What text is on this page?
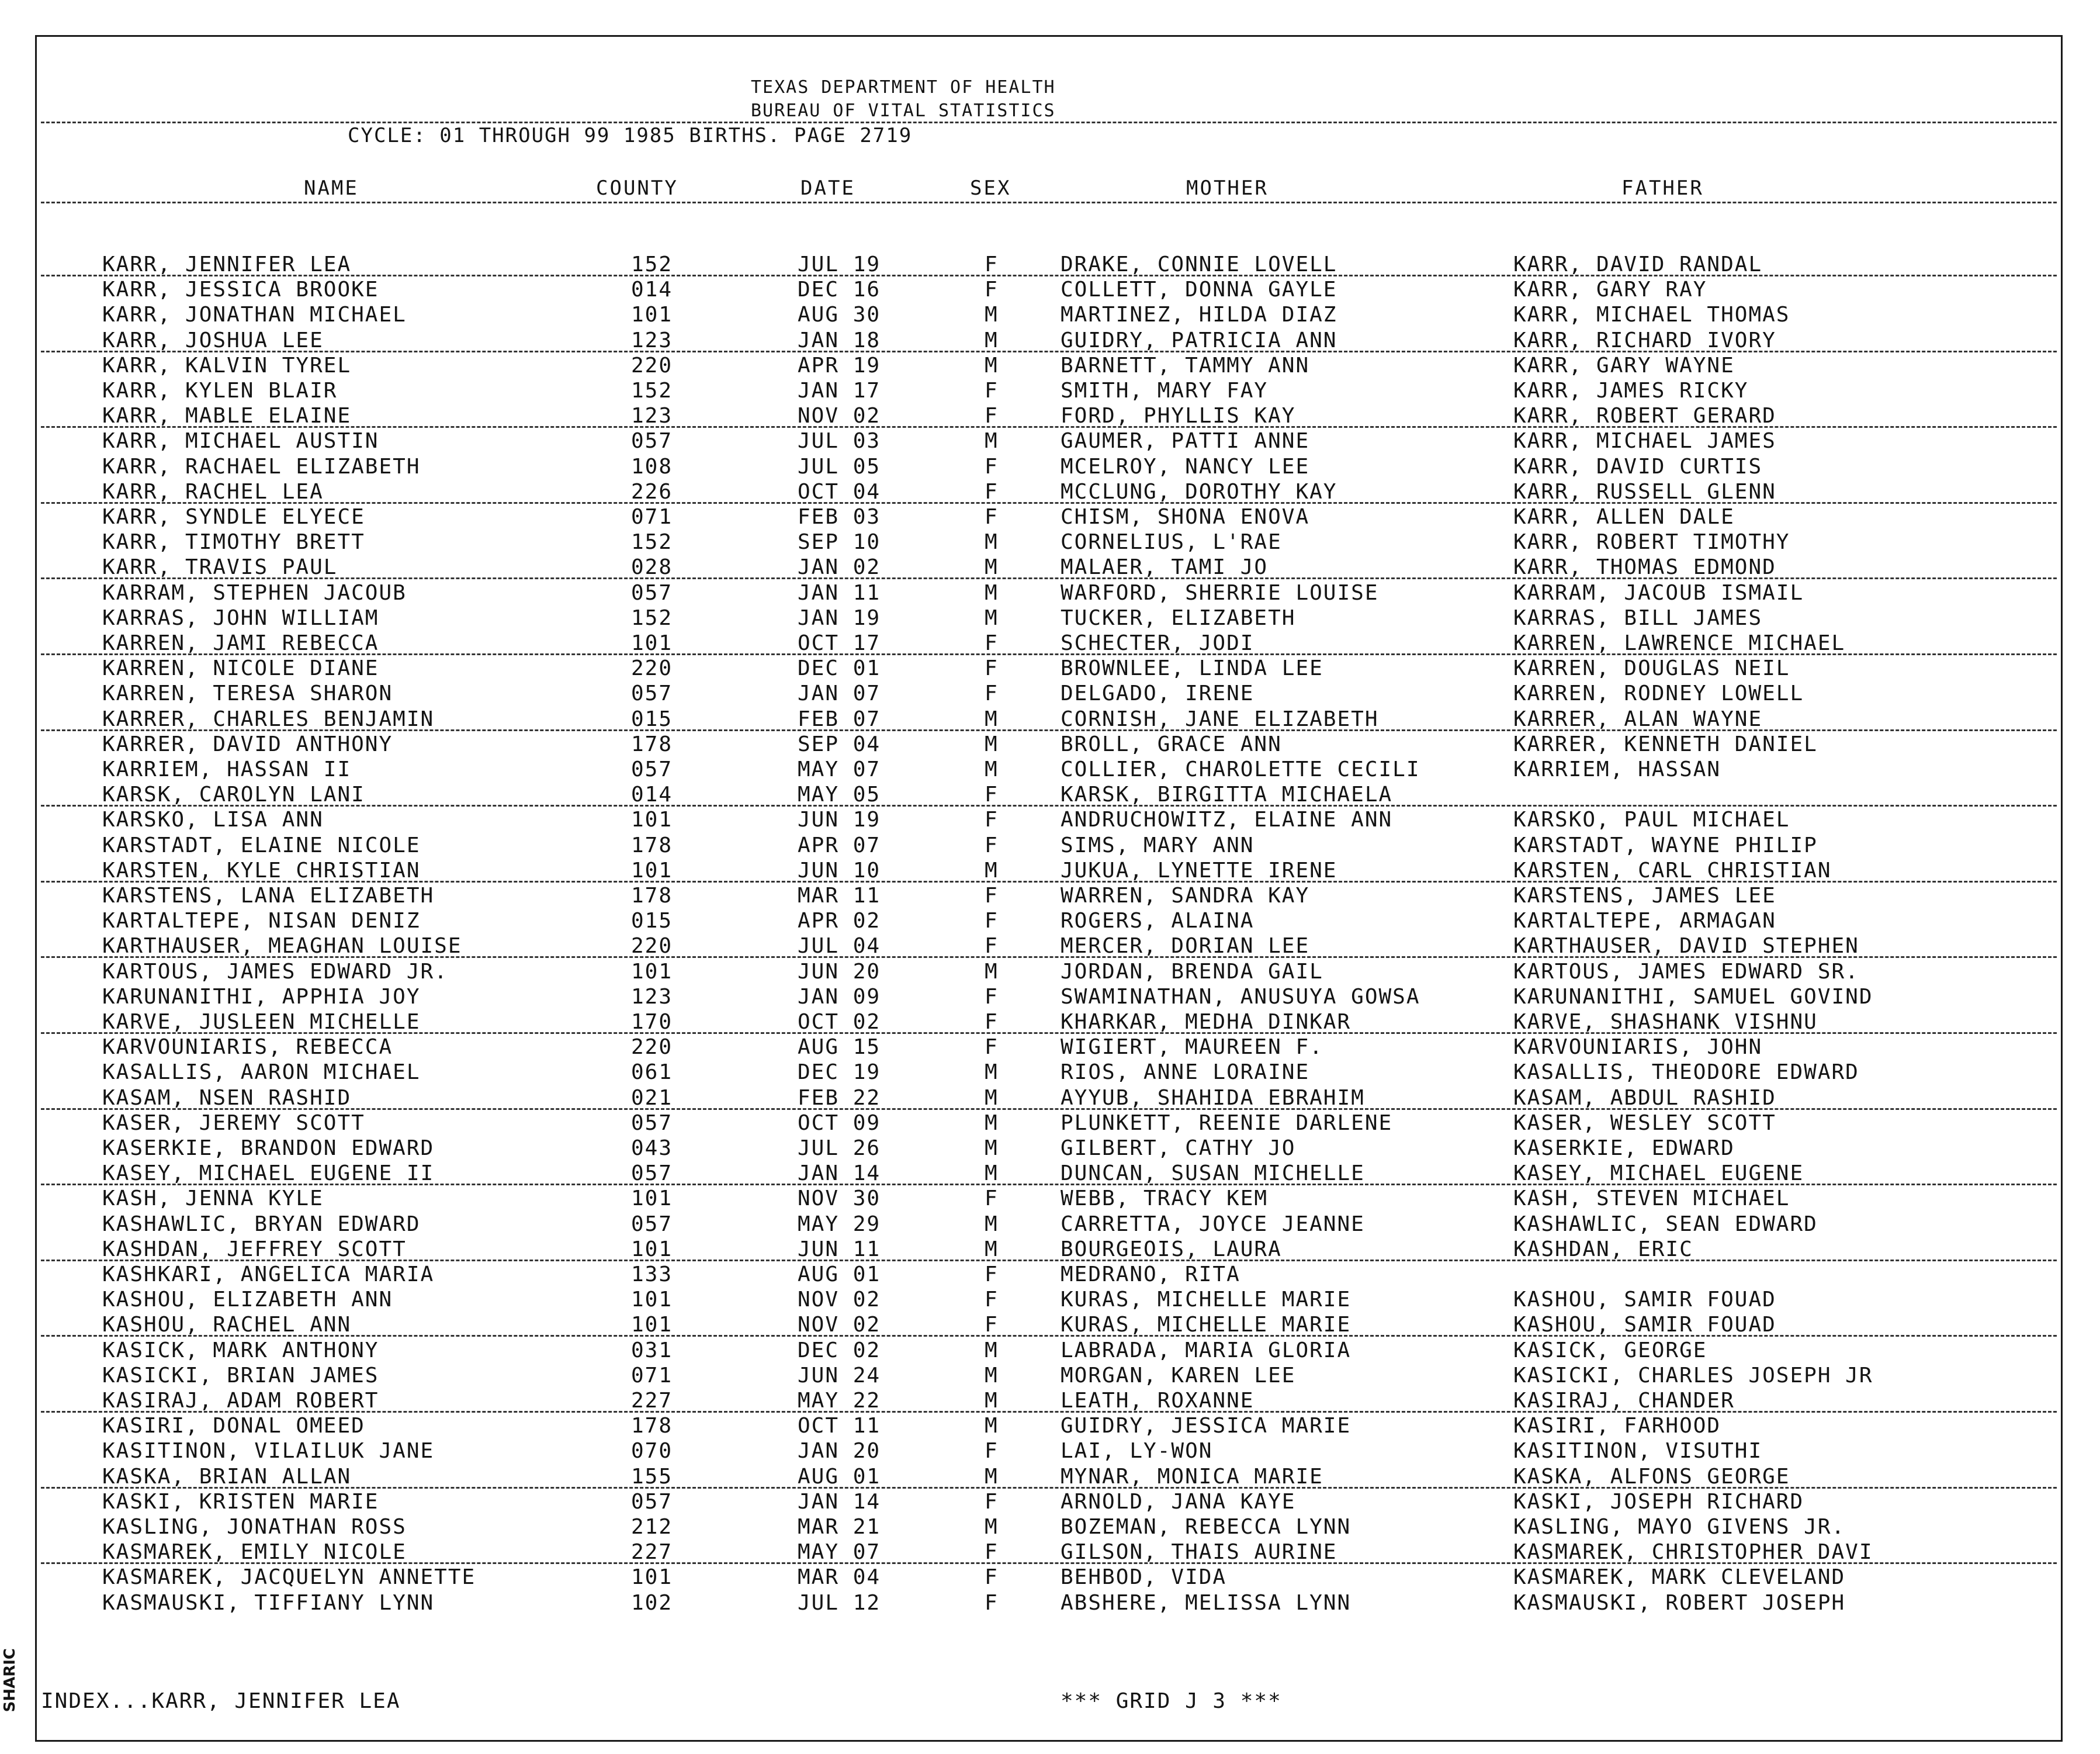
TEXAS DEPARTMENT OF HEALTH
BUREAU OF VITAL STATISTICS
CYCLE: 01 THROUGH 99 1985 BIRTHS. PAGE 2719
NAME	COUNTY	DATE	SEX	MOTHER	FATHER
KARR, JENNIFER LEA	152	JUL 19	F	DRAKE, CONNIE LOVELL	KARR, DAVID RANDAL
KARR, JESSICA BROOKE	014	DEC 16	F	COLLETT, DONNA GAYLE	KARR, GARY RAY
KARR, JONATHAN MICHAEL	101	AUG 30	M	MARTINEZ, HILDA DIAZ	KARR, MICHAEL THOMAS
KARR, JOSHUA LEE	123	JAN 18	M	GUIDRY, PATRICIA ANN	KARR, RICHARD IVORY
KARR, KALVIN TYREL	220	APR 19	M	BARNETT, TAMMY ANN	KARR, GARY WAYNE
KARR, KYLEN BLAIR	152	JAN 17	F	SMITH, MARY FAY	KARR, JAMES RICKY
KARR, MABLE ELAINE	123	NOV 02	F	FORD, PHYLLIS KAY	KARR, ROBERT GERARD
KARR, MICHAEL AUSTIN	057	JUL 03	M	GAUMER, PATTI ANNE	KARR, MICHAEL JAMES
KARR, RACHAEL ELIZABETH	108	JUL 05	F	MCELROY, NANCY LEE	KARR, DAVID CURTIS
KARR, RACHEL LEA	226	OCT 04	F	MCCLUNG, DOROTHY KAY	KARR, RUSSELL GLENN
KARR, SYNDLE ELYECE	071	FEB 03	F	CHISM, SHONA ENOVA	KARR, ALLEN DALE
KARR, TIMOTHY BRETT	152	SEP 10	M	CORNELIUS, L'RAE	KARR, ROBERT TIMOTHY
KARR, TRAVIS PAUL	028	JAN 02	M	MALAER, TAMI JO	KARR, THOMAS EDMOND
KARRAM, STEPHEN JACOUB	057	JAN 11	M	WARFORD, SHERRIE LOUISE	KARRAM, JACOUB ISMAIL
KARRAS, JOHN WILLIAM	152	JAN 19	M	TUCKER, ELIZABETH	KARRAS, BILL JAMES
KARREN, JAMI REBECCA	101	OCT 17	F	SCHECTER, JODI	KARREN, LAWRENCE MICHAEL
KARREN, NICOLE DIANE	220	DEC 01	F	BROWNLEE, LINDA LEE	KARREN, DOUGLAS NEIL
KARREN, TERESA SHARON	057	JAN 07	F	DELGADO, IRENE	KARREN, RODNEY LOWELL
KARRER, CHARLES BENJAMIN	015	FEB 07	M	CORNISH, JANE ELIZABETH	KARRER, ALAN WAYNE
KARRER, DAVID ANTHONY	178	SEP 04	M	BROLL, GRACE ANN	KARRER, KENNETH DANIEL
KARRIEM, HASSAN II	057	MAY 07	M	COLLIER, CHAROLETTE CECILI	KARRIEM, HASSAN
KARSK, CAROLYN LANI	014	MAY 05	F	KARSK, BIRGITTA MICHAELA
KARSKO, LISA ANN	101	JUN 19	F	ANDRUCHOWITZ, ELAINE ANN	KARSKO, PAUL MICHAEL
KARSTADT, ELAINE NICOLE	178	APR 07	F	SIMS, MARY ANN	KARSTADT, WAYNE PHILIP
KARSTEN, KYLE CHRISTIAN	101	JUN 10	M	JUKUA, LYNETTE IRENE	KARSTEN, CARL CHRISTIAN
KARSTENS, LANA ELIZABETH	178	MAR 11	F	WARREN, SANDRA KAY	KARSTENS, JAMES LEE
KARTALTEPE, NISAN DENIZ	015	APR 02	F	ROGERS, ALAINA	KARTALTEPE, ARMAGAN
KARTHAUSER, MEAGHAN LOUISE	220	JUL 04	F	MERCER, DORIAN LEE	KARTHAUSER, DAVID STEPHEN
KARTOUS, JAMES EDWARD JR.	101	JUN 20	M	JORDAN, BRENDA GAIL	KARTOUS, JAMES EDWARD SR.
KARUNANITHI, APPHIA JOY	123	JAN 09	F	SWAMINATHAN, ANUSUYA GOWSA	KARUNANITHI, SAMUEL GOVIND
KARVE, JUSLEEN MICHELLE	170	OCT 02	F	KHARKAR, MEDHA DINKAR	KARVE, SHASHANK VISHNU
KARVOUNIARIS, REBECCA	220	AUG 15	F	WIGIERT, MAUREEN F.	KARVOUNIARIS, JOHN
KASALLIS, AARON MICHAEL	061	DEC 19	M	RIOS, ANNE LORAINE	KASALLIS, THEODORE EDWARD
KASAM, NSEN RASHID	021	FEB 22	M	AYYUB, SHAHIDA EBRAHIM	KASAM, ABDUL RASHID
KASER, JEREMY SCOTT	057	OCT 09	M	PLUNKETT, REENIE DARLENE	KASER, WESLEY SCOTT
KASERKIE, BRANDON EDWARD	043	JUL 26	M	GILBERT, CATHY JO	KASERKIE, EDWARD
KASEY, MICHAEL EUGENE II	057	JAN 14	M	DUNCAN, SUSAN MICHELLE	KASEY, MICHAEL EUGENE
KASH, JENNA KYLE	101	NOV 30	F	WEBB, TRACY KEM	KASH, STEVEN MICHAEL
KASHAWLIC, BRYAN EDWARD	057	MAY 29	M	CARRETTA, JOYCE JEANNE	KASHAWLIC, SEAN EDWARD
KASHDAN, JEFFREY SCOTT	101	JUN 11	M	BOURGEOIS, LAURA	KASHDAN, ERIC
KASHKARI, ANGELICA MARIA	133	AUG 01	F	MEDRANO, RITA
KASHOU, ELIZABETH ANN	101	NOV 02	F	KURAS, MICHELLE MARIE	KASHOU, SAMIR FOUAD
KASHOU, RACHEL ANN	101	NOV 02	F	KURAS, MICHELLE MARIE	KASHOU, SAMIR FOUAD
KASICK, MARK ANTHONY	031	DEC 02	M	LABRADA, MARIA GLORIA	KASICK, GEORGE
KASICKI, BRIAN JAMES	071	JUN 24	M	MORGAN, KAREN LEE	KASICKI, CHARLES JOSEPH JR
KASIRAJ, ADAM ROBERT	227	MAY 22	M	LEATH, ROXANNE	KASIRAJ, CHANDER
KASIRI, DONAL OMEED	178	OCT 11	M	GUIDRY, JESSICA MARIE	KASIRI, FARHOOD
KASITINON, VILAILUK JANE	070	JAN 20	F	LAI, LY-WON	KASITINON, VISUTHI
KASKA, BRIAN ALLAN	155	AUG 01	M	MYNAR, MONICA MARIE	KASKA, ALFONS GEORGE
KASKI, KRISTEN MARIE	057	JAN 14	F	ARNOLD, JANA KAYE	KASKI, JOSEPH RICHARD
KASLING, JONATHAN ROSS	212	MAR 21	M	BOZEMAN, REBECCA LYNN	KASLING, MAYO GIVENS JR.
KASMAREK, EMILY NICOLE	227	MAY 07	F	GILSON, THAIS AURINE	KASMAREK, CHRISTOPHER DAVI
KASMAREK, JACQUELYN ANNETTE	101	MAR 04	F	BEHBOD, VIDA	KASMAREK, MARK CLEVELAND
KASMAUSKI, TIFFIANY LYNN	102	JUL 12	F	ABSHERE, MELISSA LYNN	KASMAUSKI, ROBERT JOSEPH
INDEX...KARR, JENNIFER LEA	*** GRID J 3 ***
SHARIC
